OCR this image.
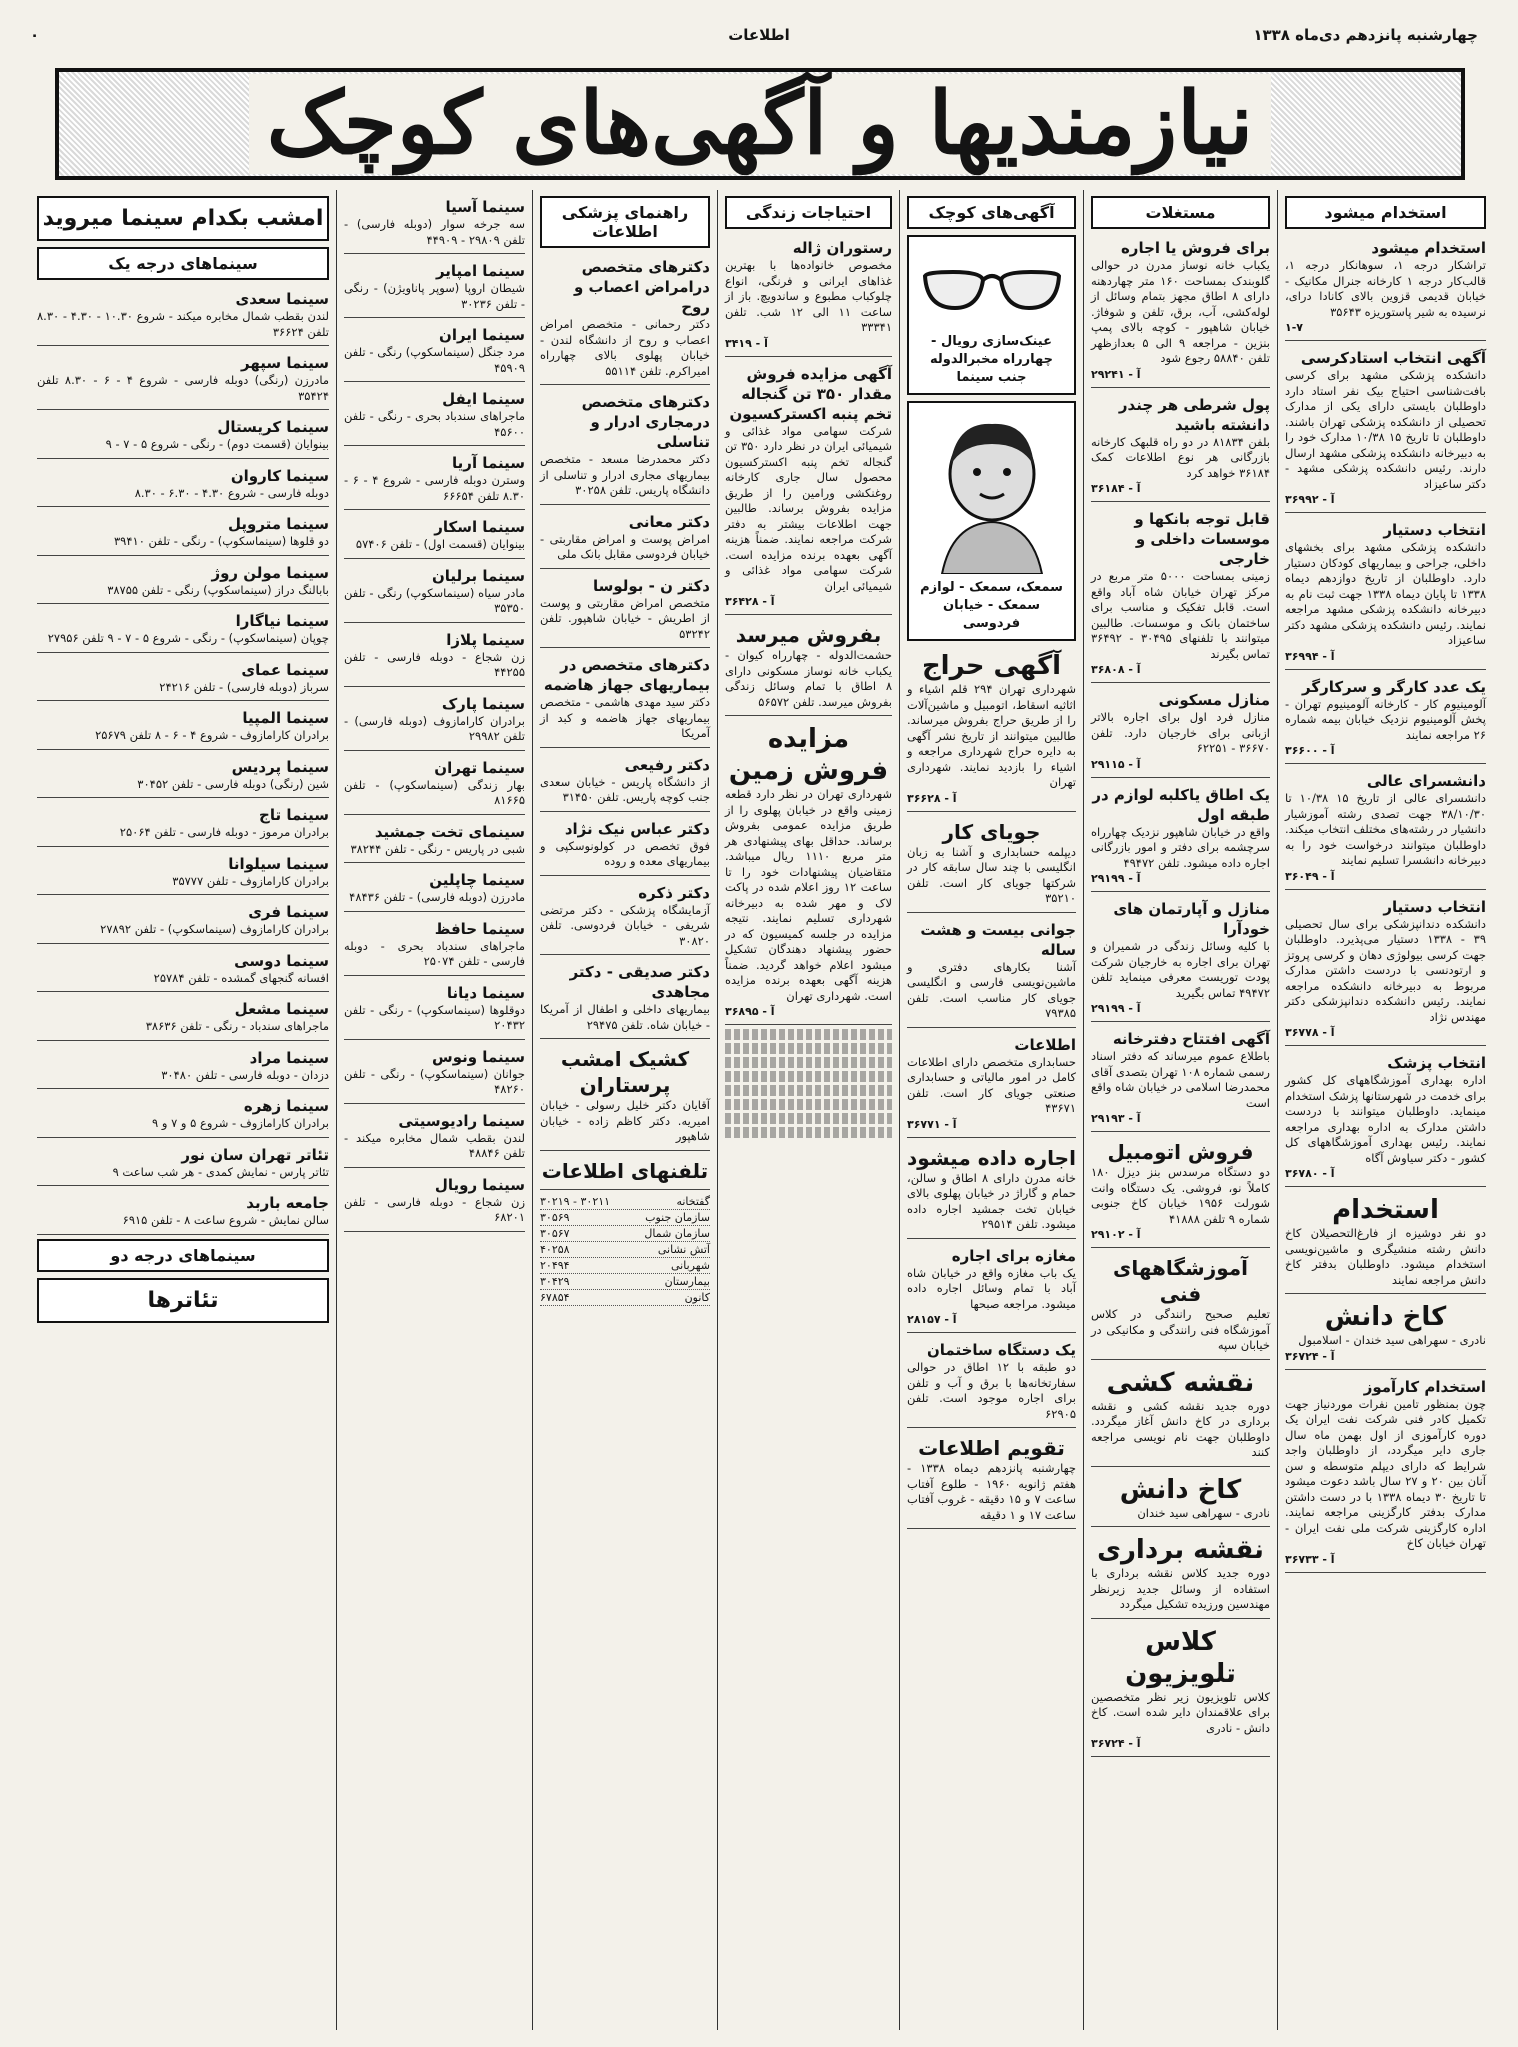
چهارشنبه پانزدهم دی‌ماه ۱۳۳۸
اطلاعات
۰
نیازمندیها و آگهی‌های کوچک
استخدام میشود
استخدام میشود
تراشکار درجه ۱، سوهانکار درجه ۱، قالب‌کار درجه ۱ کارخانه جنرال مکانیک - خیابان قدیمی قزوین بالای کانادا درای، نرسیده به شیر پاستوریزه ۳۵۶۴۳
۱-۷
آگهی انتخاب استادکرسی
دانشکده پزشکی مشهد برای کرسی بافت‌شناسی احتیاج بیک نفر استاد دارد داوطلبان بایستی دارای یکی از مدارک تحصیلی از دانشکده پزشکی تهران باشند. داوطلبان تا تاریخ ۱۵ ۱۰/۳۸ مدارک خود را به دبیرخانه دانشکده پزشکی مشهد ارسال دارند. رئیس دانشکده پزشکی مشهد - دکتر ساعیزاد
۳۶۹۹۲ - آ
انتخاب دستیار
دانشکده پزشکی مشهد برای بخشهای داخلی، جراحی و بیماریهای کودکان دستیار دارد. داوطلبان از تاریخ دوازدهم دیماه ۱۳۳۸ تا پایان دیماه ۱۳۳۸ جهت ثبت نام به دبیرخانه دانشکده پزشکی مشهد مراجعه نمایند. رئیس دانشکده پزشکی مشهد دکتر ساعیزاد
۳۶۹۹۴ - آ
یک عدد کارگر و سرکارگر
آلومینیوم کار - کارخانه آلومینیوم تهران - پخش آلومینیوم نزدیک خیابان بیمه شماره ۲۶ مراجعه نمایند
۳۶۶۰۰ - آ
دانشسرای عالی
دانشسرای عالی از تاریخ ۱۵ ۱۰/۳۸ تا ۳۸/۱۰/۳۰ جهت تصدی رشته آموزشیار دانشیار در رشته‌های مختلف انتخاب میکند. داوطلبان میتوانند درخواست خود را به دبیرخانه دانشسرا تسلیم نمایند
۳۶۰۴۹ - آ
انتخاب دستیار
دانشکده دندانپزشکی برای سال تحصیلی ۳۹ - ۱۳۳۸ دستیار می‌پذیرد. داوطلبان جهت کرسی بیولوژی دهان و کرسی پروتز و ارتودنسی با دردست داشتن مدارک مربوط به دبیرخانه دانشکده مراجعه نمایند. رئیس دانشکده دندانپزشکی دکتر مهندس نژاد
۳۶۷۷۸ - آ
انتخاب پزشک
اداره بهداری آموزشگاههای کل کشور برای خدمت در شهرستانها پزشک استخدام مینماید. داوطلبان میتوانند با دردست داشتن مدارک به اداره بهداری مراجعه نمایند. رئیس بهداری آموزشگاههای کل کشور - دکتر سیاوش آگاه
۳۶۷۸۰ - آ
استخدام
دو نفر دوشیزه از فارغ‌التحصیلان کاخ دانش رشته منشیگری و ماشین‌نویسی استخدام میشود. داوطلبان بدفتر کاخ دانش مراجعه نمایند
کاخ دانش
نادری - سهراهی سید خندان - اسلامبول
۳۶۷۲۴ - آ
استخدام کارآموز
چون بمنظور تامین نفرات موردنیاز جهت تکمیل کادر فنی شرکت نفت ایران یک دوره کارآموزی از اول بهمن ماه سال جاری دایر میگردد، از داوطلبان واجد شرایط که دارای دیپلم متوسطه و سن آنان بین ۲۰ و ۲۷ سال باشد دعوت میشود تا تاریخ ۳۰ دیماه ۱۳۳۸ با در دست داشتن مدارک بدفتر کارگزینی مراجعه نمایند. اداره کارگزینی شرکت ملی نفت ایران - تهران خیابان کاخ
۳۶۷۳۳ - آ
مستغلات
برای فروش یا اجاره
یکباب خانه نوساز مدرن در حوالی گلوبندک بمساحت ۱۶۰ متر چهاردهنه دارای ۸ اطاق مجهز بتمام وسائل از لوله‌کشی، آب، برق، تلفن و شوفاژ. خیابان شاهپور - کوچه بالای پمپ بنزین - مراجعه ۹ الی ۵ بعدازظهر تلفن ۵۸۸۴۰ رجوع شود
۲۹۲۴۱ - آ
پول شرطی هر چندر دانشته باشید
بلفن ۸۱۸۳۴ در دو راه قلبهک کارخانه بازرگانی هر نوع اطلاعات کمک ۳۶۱۸۴ خواهد کرد
۳۶۱۸۴ - آ
قابل توجه بانکها و موسسات داخلی و خارجی
زمینی بمساحت ۵۰۰۰ متر مربع در مرکز تهران خیابان شاه آباد واقع است. قابل تفکیک و مناسب برای ساختمان بانک و موسسات. طالبین میتوانند با تلفنهای ۳۰۴۹۵ - ۳۶۴۹۲ تماس بگیرند
۳۶۸۰۸ - آ
منازل مسکونی
منازل فرد اول برای اجاره بالاتر ازبانی برای خارجیان دارد. تلفن ۳۶۶۷۰ - ۶۲۲۵۱
۲۹۱۱۵ - آ
یک اطاق یاکلبه لوازم در طبقه اول
واقع در خیابان شاهپور نزدیک چهارراه سرچشمه برای دفتر و امور بازرگانی اجاره داده میشود. تلفن ۴۹۴۷۲
۲۹۱۹۹ - آ
منازل و آپارتمان های خودآرا
با کلیه وسائل زندگی در شمیران و تهران برای اجاره به خارجیان شرکت پودت توریست معرفی مینماید تلفن ۴۹۴۷۲ تماس بگیرید
۲۹۱۹۹ - آ
آگهی افتتاح دفترخانه
باطلاع عموم میرساند که دفتر اسناد رسمی شماره ۱۰۸ تهران بتصدی آقای محمدرضا اسلامی در خیابان شاه واقع است
۲۹۱۹۳ - آ
فروش اتومبیل
دو دستگاه مرسدس بنز دیزل ۱۸۰ کاملاً نو، فروشی. یک دستگاه وانت شورلت ۱۹۵۶ خیابان کاخ جنوبی شماره ۹ تلفن ۴۱۸۸۸
۲۹۱۰۲ - آ
آموزشگاههای فنی
تعلیم صحیح رانندگی در کلاس آموزشگاه فنی رانندگی و مکانیکی در خیابان سپه
نقشه کشی
دوره جدید نقشه کشی و نقشه برداری در کاخ دانش آغاز میگردد. داوطلبان جهت نام نویسی مراجعه کنند
کاخ دانش
نادری - سهراهی سید خندان
نقشه برداری
دوره جدید کلاس نقشه برداری با استفاده از وسائل جدید زیرنظر مهندسین ورزیده تشکیل میگردد
کلاس تلویزیون
کلاس تلویزیون زیر نظر متخصصین برای علاقمندان دایر شده است. کاخ دانش - نادری
۳۶۷۲۴ - آ
آگهی‌های کوچک
عینک‌سازی رویال - چهارراه مخبرالدوله جنب سینما
سمعک، سمعک - لوازم سمعک - خیابان فردوسی
آگهی حراج
شهرداری تهران ۲۹۴ قلم اشیاء و اثاثیه اسقاط، اتومبیل و ماشین‌آلات را از طریق حراج بفروش میرساند. طالبین میتوانند از تاریخ نشر آگهی به دایره حراج شهرداری مراجعه و اشیاء را بازدید نمایند. شهرداری تهران
۳۶۶۲۸ - آ
جویای کار
دیپلمه حسابداری و آشنا به زبان انگلیسی با چند سال سابقه کار در شرکتها جویای کار است. تلفن ۳۵۲۱۰
جوانی بیست و هشت ساله
آشنا بکارهای دفتری و ماشین‌نویسی فارسی و انگلیسی جویای کار مناسب است. تلفن ۷۹۳۸۵
اطلاعات
حسابداری متخصص دارای اطلاعات کامل در امور مالیاتی و حسابداری صنعتی جویای کار است. تلفن ۴۳۶۷۱
۳۶۷۷۱ - آ
اجاره داده میشود
خانه مدرن دارای ۸ اطاق و سالن، حمام و گاراژ در خیابان پهلوی بالای خیابان تخت جمشید اجاره داده میشود. تلفن ۲۹۵۱۴
مغازه برای اجاره
یک باب مغازه واقع در خیابان شاه آباد با تمام وسائل اجاره داده میشود. مراجعه صبحها
۲۸۱۵۷ - آ
یک دستگاه ساختمان
دو طبقه با ۱۲ اطاق در حوالی سفارتخانه‌ها با برق و آب و تلفن برای اجاره موجود است. تلفن ۶۲۹۰۵
تقویم اطلاعات
چهارشنبه پانزدهم دیماه ۱۳۳۸ - هفتم ژانویه ۱۹۶۰ - طلوع آفتاب ساعت ۷ و ۱۵ دقیقه - غروب آفتاب ساعت ۱۷ و ۱ دقیقه
احتیاجات زندگی
رستوران ژاله
مخصوص خانواده‌ها با بهترین غذاهای ایرانی و فرنگی، انواع چلوکباب مطبوع و ساندویچ. باز از ساعت ۱۱ الی ۱۲ شب. تلفن ۳۳۳۴۱
۳۴۱۹ - آ
آگهی مزایده فروش مقدار ۳۵۰ تن گنجاله تخم پنبه اکسترکسیون
شرکت سهامی مواد غذائی و شیمیائی ایران در نظر دارد ۳۵۰ تن گنجاله تخم پنبه اکسترکسیون محصول سال جاری کارخانه روغنکشی ورامین را از طریق مزایده بفروش برساند. طالبین جهت اطلاعات بیشتر به دفتر شرکت مراجعه نمایند. ضمناً هزینه آگهی بعهده برنده مزایده است. شرکت سهامی مواد غذائی و شیمیائی ایران
۳۶۴۲۸ - آ
بفروش میرسد
حشمت‌الدوله - چهارراه کیوان - یکباب خانه نوساز مسکونی دارای ۸ اطاق با تمام وسائل زندگی بفروش میرسد. تلفن ۵۶۵۷۲
مزایده فروش زمین
شهرداری تهران در نظر دارد قطعه زمینی واقع در خیابان پهلوی را از طریق مزایده عمومی بفروش برساند. حداقل بهای پیشنهادی هر متر مربع ۱۱۱۰ ریال میباشد. متقاضیان پیشنهادات خود را تا ساعت ۱۲ روز اعلام شده در پاکت لاک و مهر شده به دبیرخانه شهرداری تسلیم نمایند. نتیجه مزایده در جلسه کمیسیون که در حضور پیشنهاد دهندگان تشکیل میشود اعلام خواهد گردید. ضمناً هزینه آگهی بعهده برنده مزایده است. شهرداری تهران
۳۶۸۹۵ - آ
راهنمای پزشکی اطلاعات
دکترهای متخصص درامراض اعصاب و روح
دکتر رحمانی - متخصص امراض اعصاب و روح از دانشگاه لندن - خیابان پهلوی بالای چهارراه امیراکرم. تلفن ۵۵۱۱۴
دکترهای متخصص درمجاری ادرار و تناسلی
دکتر محمدرضا مسعد - متخصص بیماریهای مجاری ادرار و تناسلی از دانشگاه پاریس. تلفن ۳۰۲۵۸
دکتر معانی
امراض پوست و امراض مقاربتی - خیابان فردوسی مقابل بانک ملی
دکتر ن - بولوسا
متخصص امراض مقاربتی و پوست از اطریش - خیابان شاهپور. تلفن ۵۳۲۴۲
دکترهای متخصص در بیماریهای جهاز هاضمه
دکتر سید مهدی هاشمی - متخصص بیماریهای جهاز هاضمه و کبد از آمریکا
دکتر رفیعی
از دانشگاه پاریس - خیابان سعدی جنب کوچه پاریس. تلفن ۳۱۴۵۰
دکتر عباس نیک نژاد
فوق تخصص در کولونوسکپی و بیماریهای معده و روده
دکتر ذکره
آزمایشگاه پزشکی - دکتر مرتضی شریفی - خیابان فردوسی. تلفن ۳۰۸۲۰
دکتر صدیقی - دکتر مجاهدی
بیماریهای داخلی و اطفال از آمریکا - خیابان شاه. تلفن ۲۹۴۷۵
کشیک امشب پرستاران
آقایان دکتر خلیل رسولی - خیابان امیریه. دکتر کاظم زاده - خیابان شاهپور
تلفنهای اطلاعات
گفتخانه
۳۰۲۱۱ - ۳۰۲۱۹
سازمان جنوب
۳۰۵۶۹
سازمان شمال
۳۰۵۶۷
آتش نشانی
۴۰۲۵۸
شهربانی
۲۰۴۹۴
بیمارستان
۳۰۴۲۹
کانون
۶۷۸۵۴
سینما آسیا
سه جرخه سوار (دوبله فارسی) - تلفن ۲۹۸۰۹ - ۴۴۹۰۹
سینما امپایر
شیطان اروپا (سوپر پاناویژن) - رنگی - تلفن ۳۰۲۳۶
سینما ایران
مرد جنگل (سینماسکوپ) رنگی - تلفن ۴۵۹۰۹
سینما ایفل
ماجراهای سندباد بحری - رنگی - تلفن ۴۵۶۰۰
سینما آریا
وسترن دوبله فارسی - شروع ۴ - ۶ - ۸.۳۰ تلفن ۶۶۶۵۴
سینما اسکار
بینوایان (قسمت اول) - تلفن ۵۷۴۰۶
سینما برلیان
مادر سیاه (سینماسکوپ) رنگی - تلفن ۳۵۳۵۰
سینما پلازا
زن شجاع - دوبله فارسی - تلفن ۴۴۲۵۵
سینما پارک
برادران کارامازوف (دوبله فارسی) - تلفن ۲۹۹۸۲
سینما تهران
بهار زندگی (سینماسکوپ) - تلفن ۸۱۶۶۵
سینمای تخت جمشید
شبی در پاریس - رنگی - تلفن ۳۸۲۴۴
سینما چاپلین
مادرزن (دوبله فارسی) - تلفن ۴۸۴۳۶
سینما حافظ
ماجراهای سندباد بحری - دوبله فارسی - تلفن ۲۵۰۷۴
سینما دیانا
دوقلوها (سینماسکوپ) - رنگی - تلفن ۲۰۴۳۲
سینما ونوس
جوانان (سینماسکوپ) - رنگی - تلفن ۴۸۲۶۰
سینما رادیوسیتی
لندن بقطب شمال مخابره میکند - تلفن ۴۸۸۴۶
سینما رویال
زن شجاع - دوبله فارسی - تلفن ۶۸۲۰۱
امشب بکدام سینما میروید
سینماهای درجه یک
سینما سعدی
لندن بقطب شمال مخابره میکند - شروع ۱۰.۳۰ - ۴.۳۰ - ۸.۳۰ تلفن ۳۶۶۲۴
سینما سپهر
مادرزن (رنگی) دوبله فارسی - شروع ۴ - ۶ - ۸.۳۰ تلفن ۳۵۴۲۴
سینما کریستال
بینوایان (قسمت دوم) - رنگی - شروع ۵ - ۷ - ۹
سینما کاروان
دوبله فارسی - شروع ۴.۳۰ - ۶.۳۰ - ۸.۳۰
سینما متروپل
دو قلوها (سینماسکوپ) - رنگی - تلفن ۳۹۴۱۰
سینما مولن روژ
بابالنگ دراز (سینماسکوپ) رنگی - تلفن ۳۸۷۵۵
سینما نیاگارا
چوپان (سینماسکوپ) - رنگی - شروع ۵ - ۷ - ۹ تلفن ۲۷۹۵۶
سینما عمای
سرباز (دوبله فارسی) - تلفن ۲۴۲۱۶
سینما المپیا
برادران کارامازوف - شروع ۴ - ۶ - ۸ تلفن ۲۵۶۷۹
سینما پردیس
شین (رنگی) دوبله فارسی - تلفن ۳۰۴۵۲
سینما تاج
برادران مرموز - دوبله فارسی - تلفن ۲۵۰۶۴
سینما سیلوانا
برادران کارامازوف - تلفن ۳۵۷۷۷
سینما فری
برادران کارامازوف (سینماسکوپ) - تلفن ۲۷۸۹۲
سینما دوسی
افسانه گنجهای گمشده - تلفن ۲۵۷۸۴
سینما مشعل
ماجراهای سندباد - رنگی - تلفن ۳۸۶۳۶
سینما مراد
دزدان - دوبله فارسی - تلفن ۳۰۴۸۰
سینما زهره
برادران کارامازوف - شروع ۵ و ۷ و ۹
تئاتر تهران سان نور
تئاتر پارس - نمایش کمدی - هر شب ساعت ۹
جامعه باربد
سالن نمایش - شروع ساعت ۸ - تلفن ۶۹۱۵
سینماهای درجه دو
تئاترها
